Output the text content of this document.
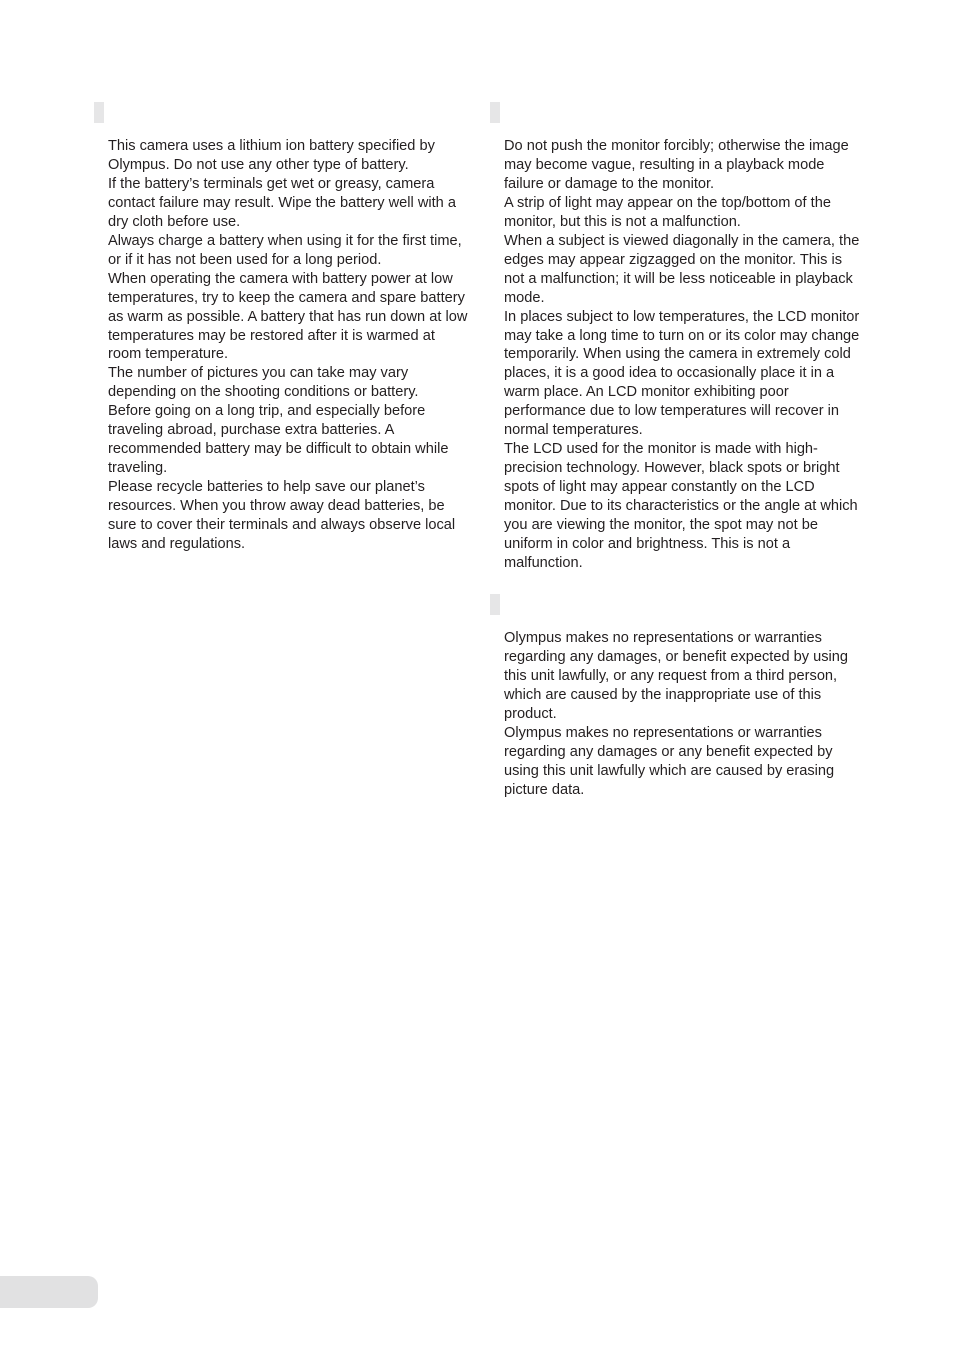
This camera uses a lithium ion battery specified by Olympus. Do not use any other type of battery.

If the battery’s terminals get wet or greasy, camera contact failure may result. Wipe the battery well with a dry cloth before use.

Always charge a battery when using it for the first time, or if it has not been used for a long period.

When operating the camera with battery power at low temperatures, try to keep the camera and spare battery as warm as possible. A battery that has run down at low temperatures may be restored after it is warmed at room temperature.

The number of pictures you can take may vary depending on the shooting conditions or battery.

Before going on a long trip, and especially before traveling abroad, purchase extra batteries. A recommended battery may be difficult to obtain while traveling.

Please recycle batteries to help save our planet’s resources. When you throw away dead batteries, be sure to cover their terminals and always observe local laws and regulations.

Do not push the monitor forcibly; otherwise the image may become vague, resulting in a playback mode failure or damage to the monitor.

A strip of light may appear on the top/bottom of the monitor, but this is not a malfunction.

When a subject is viewed diagonally in the camera, the edges may appear zigzagged on the monitor. This is not a malfunction; it will be less noticeable in playback mode.

In places subject to low temperatures, the LCD monitor may take a long time to turn on or its color may change temporarily. When using the camera in extremely cold places, it is a good idea to occasionally place it in a warm place. An LCD monitor exhibiting poor performance due to low temperatures will recover in normal temperatures.

The LCD used for the monitor is made with high-precision technology. However, black spots or bright spots of light may appear constantly on the LCD monitor. Due to its characteristics or the angle at which you are viewing the monitor, the spot may not be uniform in color and brightness. This is not a malfunction.

Olympus makes no representations or warranties regarding any damages, or benefit expected by using this unit lawfully, or any request from a third person, which are caused by the inappropriate use of this product.

Olympus makes no representations or warranties regarding any damages or any benefit expected by using this unit lawfully which are caused by erasing picture data.
